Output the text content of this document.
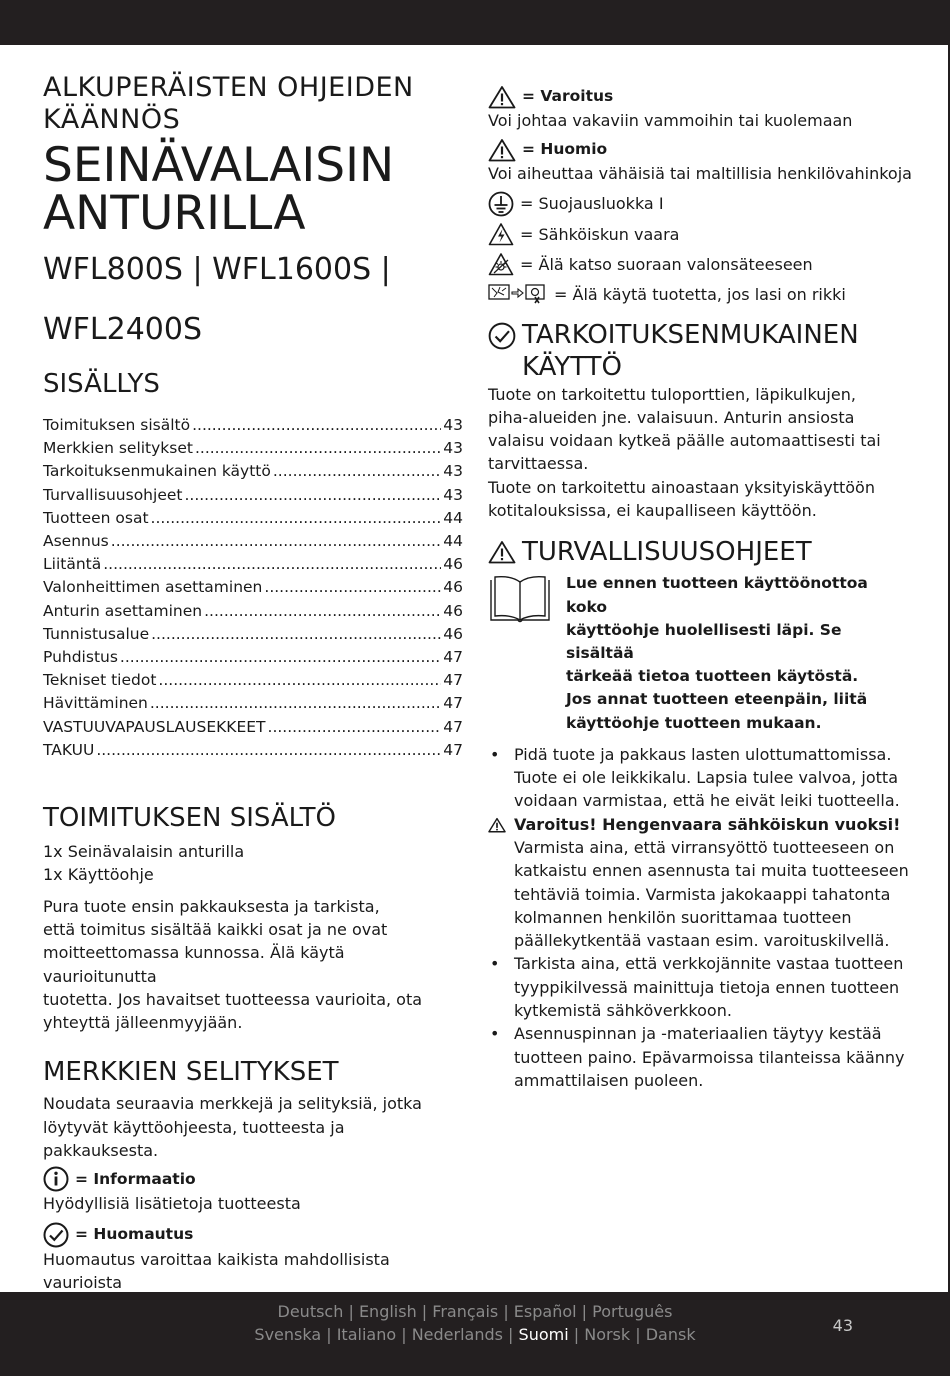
ALKUPERÄISTEN OHJEIDEN
KÄÄNNÖS
SEINÄVALAISIN
ANTURILLA
WFL800S | WFL1600S |
WFL2400S
SISÄLLYS
Toimituksen sisältö .....	43
Merkkien selitykset .....	43
Tarkoituksenmukainen käyttö .....	43
Turvallisuusohjeet .....	43
Tuotteen osat .....	44
Asennus .....	44
Liitäntä .....	46
Valonheittimen asettaminen .....	46
Anturin asettaminen .....	46
Tunnistusalue .....	46
Puhdistus .....	47
Tekniset tiedot .....	47
Hävittäminen .....	47
VASTUUVAPAUSLAUSEKKEET .....	47
TAKUU .....	47
TOIMITUKSEN SISÄLTÖ

1x Seinävalaisin anturilla

1x Käyttöohje

Pura tuote ensin pakkauksesta ja tarkista,

että toimitus sisältää kaikki osat ja ne ovat

moitteettomassa kunnossa. Älä käytä vaurioitunutta

tuotetta. Jos havaitset tuotteessa vaurioita, ota

yhteyttä jälleenmyyjään.

MERKKIEN SELITYKSET

Noudata seuraavia merkkejä ja selityksiä, jotka

löytyvät käyttöohjeesta, tuotteesta ja pakkauksesta.

= Informaatio

Hyödyllisiä lisätietoja tuotteesta

= Huomautus

Huomautus varoittaa kaikista mahdollisista

vaurioista

= Varoitus

Voi johtaa vakaviin vammoihin tai kuolemaan

= Huomio

Voi aiheuttaa vähäisiä tai maltillisia henkilövahinkoja

= Suojausluokka I
= Sähköiskun vaara
= Älä katso suoraan valonsäteeseen
= Älä käytä tuotetta, jos lasi on rikki
TARKOITUKSENMUKAINEN
KÄYTTÖ

Tuote on tarkoitettu tuloporttien, läpikulkujen,

piha-alueiden jne. valaisuun. Anturin ansiosta

valaisu voidaan kytkeä päälle automaattisesti tai

tarvittaessa.

Tuote on tarkoitettu ainoastaan yksityiskäyttöön

kotitalouksissa, ei kaupalliseen käyttöön.

TURVALLISUUSOHJEET

Lue ennen tuotteen käyttöönottoa koko

käyttöohje huolellisesti läpi. Se sisältää

tärkeää tietoa tuotteen käytöstä.

Jos annat tuotteen eteenpäin, liitä

käyttöohje tuotteen mukaan.

• Pidä tuote ja pakkaus lasten ulottumattomissa.

Tuote ei ole leikkikalu. Lapsia tulee valvoa, jotta

voidaan varmistaa, että he eivät leiki tuotteella.

Varoitus! Hengenvaara sähköiskun vuoksi!

Varmista aina, että virransyöttö tuotteeseen on

katkaistu ennen asennusta tai muita tuotteeseen

tehtäviä toimia. Varmista jakokaappi tahatonta

kolmannen henkilön suorittamaa tuotteen

päällekytkentää vastaan esim. varoituskilvellä.

• Tarkista aina, että verkkojännite vastaa tuotteen

tyyppikilvessä mainittuja tietoja ennen tuotteen

kytkemistä sähköverkkoon.

• Asennuspinnan ja -materiaalien täytyy kestää

tuotteen paino. Epävarmoissa tilanteissa käänny

ammattilaisen puoleen.

Deutsch | English | Français | Español | Português
Svenska | Italiano | Nederlands | Suomi | Norsk | Dansk	43
